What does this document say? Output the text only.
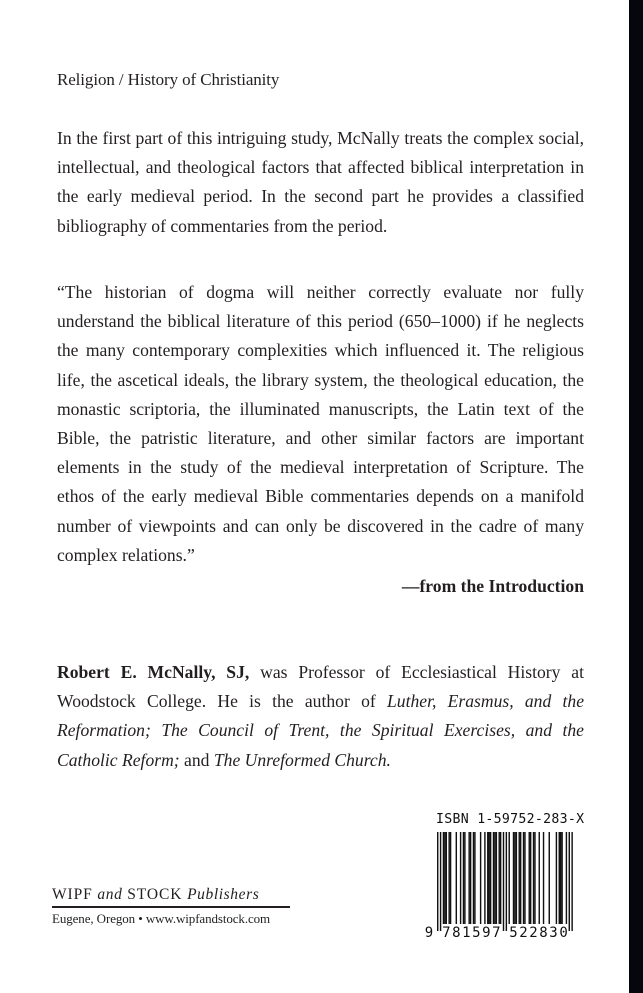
Religion / History of Christianity

In the first part of this intriguing study, McNally treats the complex social, intellectual, and theological factors that affected biblical interpretation in the early medieval period. In the second part he provides a classified bibliography of commentaries from the period.

“The historian of dogma will neither correctly evaluate nor fully understand the biblical literature of this period (650–1000) if he neglects the many contemporary complexities which influenced it. The religious life, the ascetical ideals, the library system, the theological education, the monastic scriptoria, the illuminated manuscripts, the Latin text of the Bible, the patristic literature, and other similar factors are important elements in the study of the medieval interpretation of Scripture. The ethos of the early medieval Bible commentaries depends on a manifold number of viewpoints and can only be discovered in the cadre of many complex relations.”

—from the Introduction

Robert E. McNally, SJ, was Professor of Ecclesiastical History at Woodstock College. He is the author of Luther, Erasmus, and the Reformation; The Council of Trent, the Spiritual Exercises, and the Catholic Reform; and The Unreformed Church.

WIPF and STOCK Publishers
Eugene, Oregon • www.wipfandstock.com
ISBN 1-59752-283-X
9 7 8 1 5 9 7 5 2 2 8 3 0
